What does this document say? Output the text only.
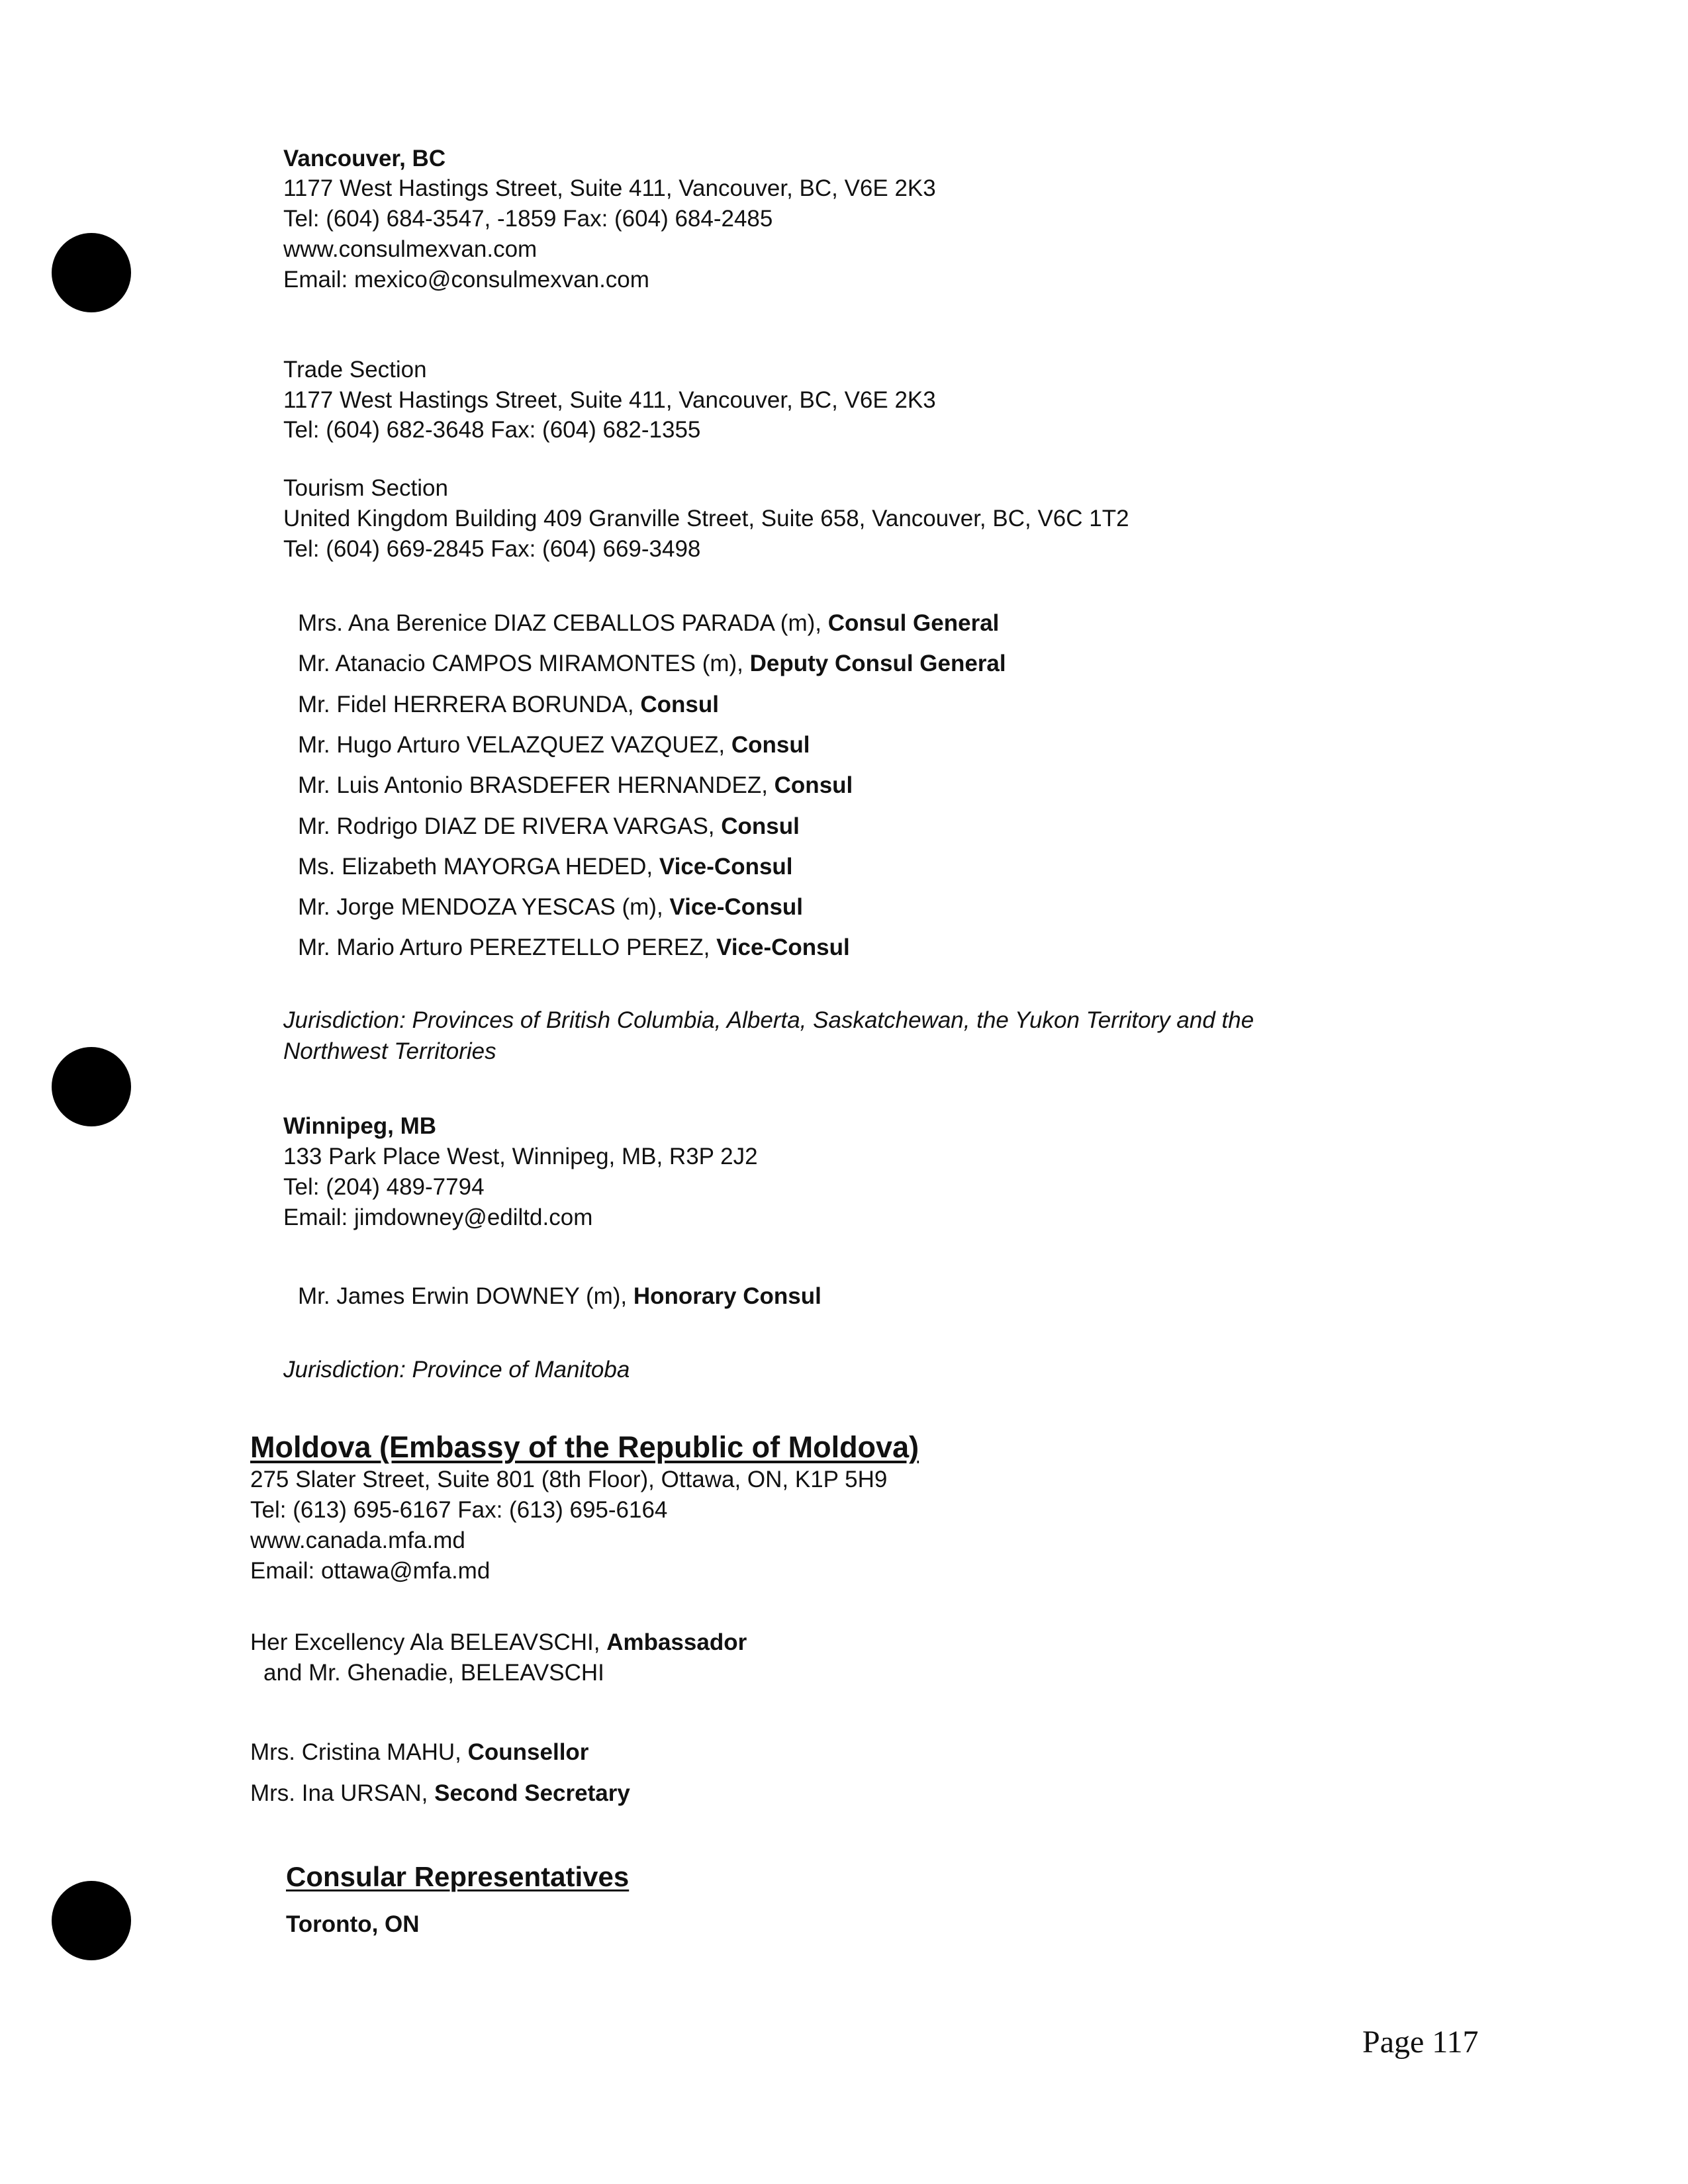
Vancouver, BC
1177 West Hastings Street, Suite 411, Vancouver, BC, V6E 2K3
Tel: (604) 684-3547, -1859 Fax: (604) 684-2485
www.consulmexvan.com
Email: mexico@consulmexvan.com
Trade Section
1177 West Hastings Street, Suite 411, Vancouver, BC, V6E 2K3
Tel: (604) 682-3648 Fax: (604) 682-1355
Tourism Section
United Kingdom Building 409 Granville Street, Suite 658, Vancouver, BC, V6C 1T2
Tel: (604) 669-2845 Fax: (604) 669-3498
Mrs. Ana Berenice DIAZ CEBALLOS PARADA (m), Consul General
Mr. Atanacio CAMPOS MIRAMONTES (m), Deputy Consul General
Mr. Fidel HERRERA BORUNDA, Consul
Mr. Hugo Arturo VELAZQUEZ VAZQUEZ, Consul
Mr. Luis Antonio BRASDEFER HERNANDEZ, Consul
Mr. Rodrigo DIAZ DE RIVERA VARGAS, Consul
Ms. Elizabeth MAYORGA HEDED, Vice-Consul
Mr. Jorge MENDOZA YESCAS (m), Vice-Consul
Mr. Mario Arturo PEREZTELLO PEREZ, Vice-Consul
Jurisdiction: Provinces of British Columbia, Alberta, Saskatchewan, the Yukon Territory and the
Northwest Territories
Winnipeg, MB
133 Park Place West, Winnipeg, MB, R3P 2J2
Tel: (204) 489-7794
Email: jimdowney@ediltd.com
Mr. James Erwin DOWNEY (m), Honorary Consul
Jurisdiction: Province of Manitoba
Moldova (Embassy of the Republic of Moldova)
275 Slater Street, Suite 801 (8th Floor), Ottawa, ON, K1P 5H9
Tel: (613) 695-6167 Fax: (613) 695-6164
www.canada.mfa.md
Email: ottawa@mfa.md
Her Excellency Ala BELEAVSCHI, Ambassador
and Mr. Ghenadie, BELEAVSCHI
Mrs. Cristina MAHU, Counsellor
Mrs. Ina URSAN, Second Secretary
Consular Representatives
Toronto, ON
Page 117
